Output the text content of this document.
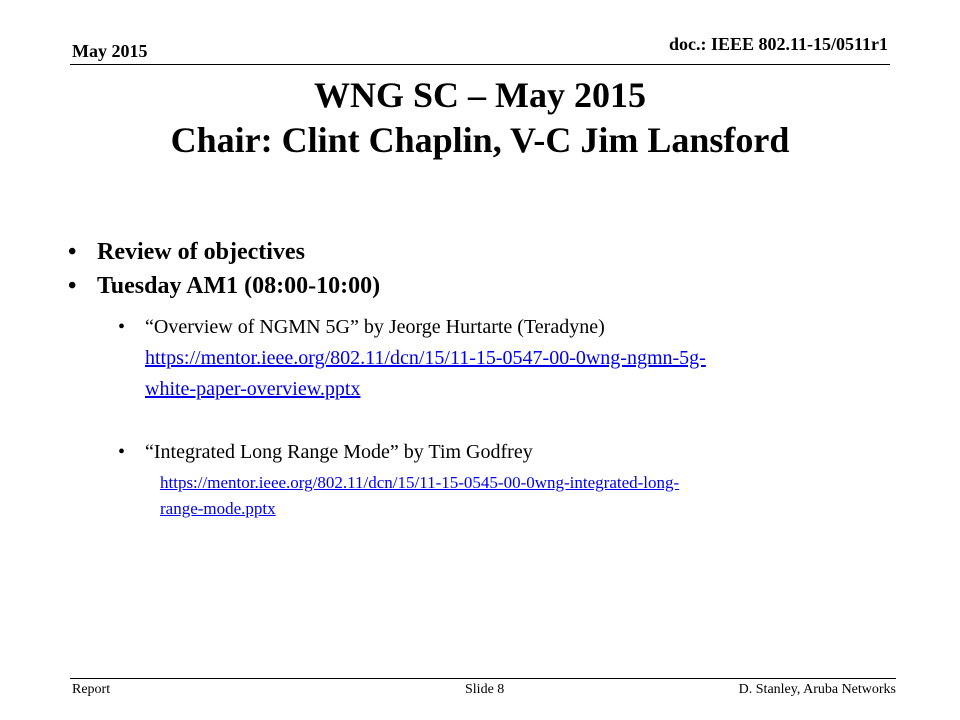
May 2015	doc.: IEEE 802.11-15/0511r1
WNG SC – May 2015
Chair: Clint Chaplin, V-C Jim Lansford
• Review of objectives
• Tuesday AM1 (08:00-10:00)
• “Overview of NGMN 5G” by Jeorge Hurtarte (Teradyne)
https://mentor.ieee.org/802.11/dcn/15/11-15-0547-00-0wng-ngmn-5g-
white-paper-overview.pptx
• “Integrated Long Range Mode” by Tim Godfrey
https://mentor.ieee.org/802.11/dcn/15/11-15-0545-00-0wng-integrated-long-
range-mode.pptx
Report	Slide 8	D. Stanley, Aruba Networks
